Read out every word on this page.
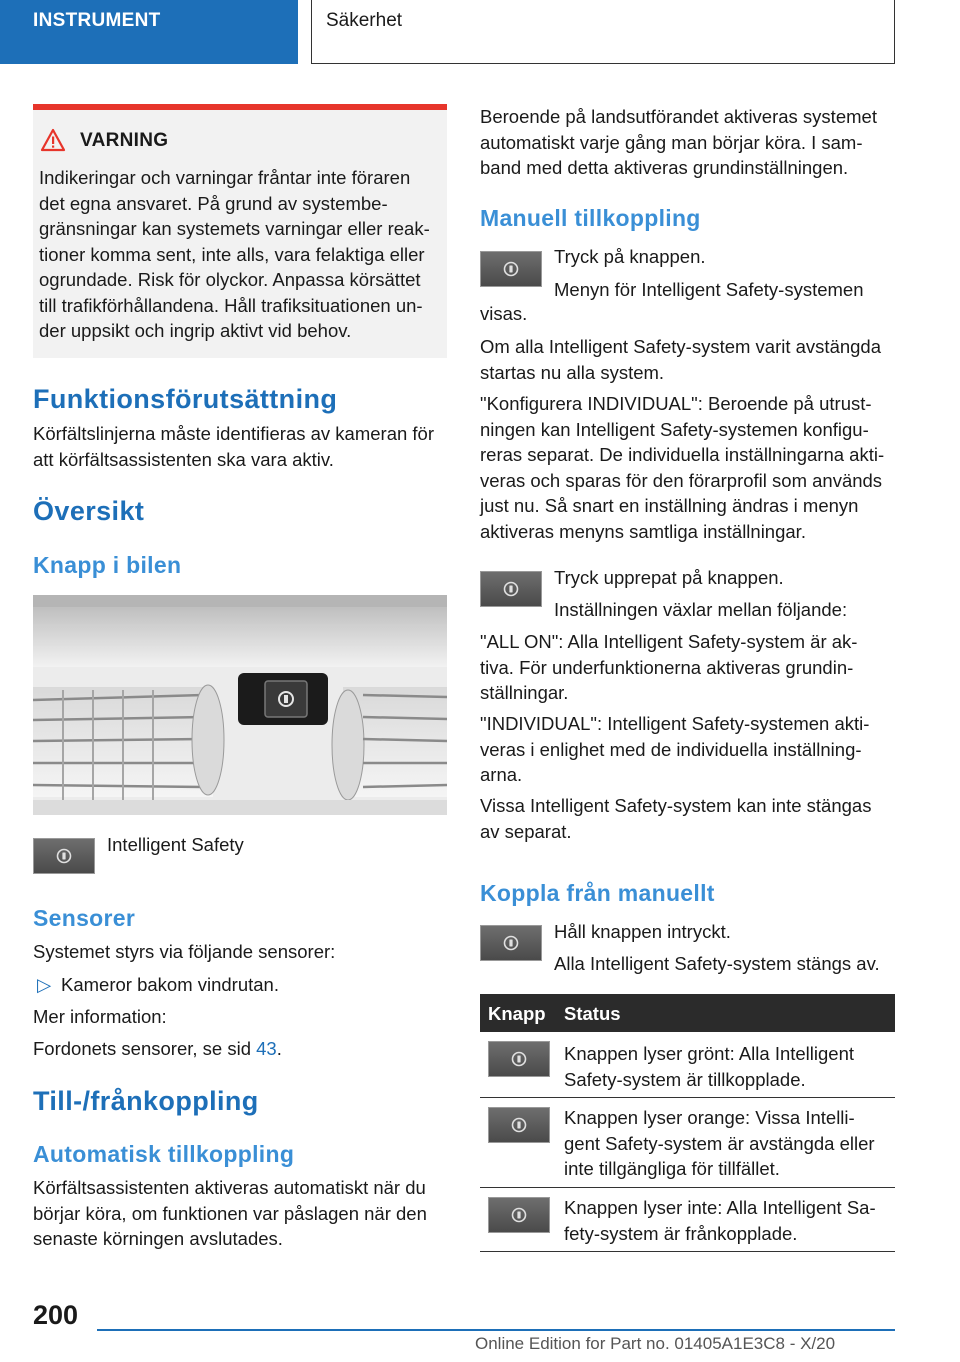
INSTRUMENT	Säkerhet
VARNING
Indikeringar och varningar fråntar inte föraren
det egna ansvaret. På grund av systembe-
gränsningar kan systemets varningar eller reak-
tioner komma sent, inte alls, vara felaktiga eller
ogrundade. Risk för olyckor. Anpassa körsättet
till trafikförhållandena. Håll trafiksituationen un-
der uppsikt och ingrip aktivt vid behov.
Funktionsförutsättning
Körfältslinjerna måste identifieras av kameran för
att körfältsassistenten ska vara aktiv.
Översikt
Knapp i bilen
Intelligent Safety
Sensorer
Systemet styrs via följande sensorer:
▷ Kameror bakom vindrutan.
Mer information:
Fordonets sensorer, se sid 43.
Till-/frånkoppling
Automatisk tillkoppling
Körfältsassistenten aktiveras automatiskt när du
börjar köra, om funktionen var påslagen när den
senaste körningen avslutades.
Beroende på landsutförandet aktiveras systemet
automatiskt varje gång man börjar köra. I sam-
band med detta aktiveras grundinställningen.
Manuell tillkoppling
Tryck på knappen.
Menyn för Intelligent Safety-systemen
visas.
Om alla Intelligent Safety-system varit avstängda
startas nu alla system.
"Konfigurera INDIVIDUAL": Beroende på utrust-
ningen kan Intelligent Safety-systemen konfigu-
reras separat. De individuella inställningarna akti-
veras och sparas för den förarprofil som används
just nu. Så snart en inställning ändras i menyn
aktiveras menyns samtliga inställningar.
Tryck upprepat på knappen.
Inställningen växlar mellan följande:
"ALL ON": Alla Intelligent Safety-system är ak-
tiva. För underfunktionerna aktiveras grundin-
ställningar.
"INDIVIDUAL": Intelligent Safety-systemen akti-
veras i enlighet med de individuella inställning-
arna.
Vissa Intelligent Safety-system kan inte stängas
av separat.
Koppla från manuellt
Håll knappen intryckt.
Alla Intelligent Safety-system stängs av.
Knapp Status
Knappen lyser grönt: Alla Intelligent
Safety-system är tillkopplade.
Knappen lyser orange: Vissa Intelli-
gent Safety-system är avstängda eller
inte tillgängliga för tillfället.
Knappen lyser inte: Alla Intelligent Sa-
fety-system är frånkopplade.
200
Online Edition for Part no. 01405A1E3C8 - X/20
